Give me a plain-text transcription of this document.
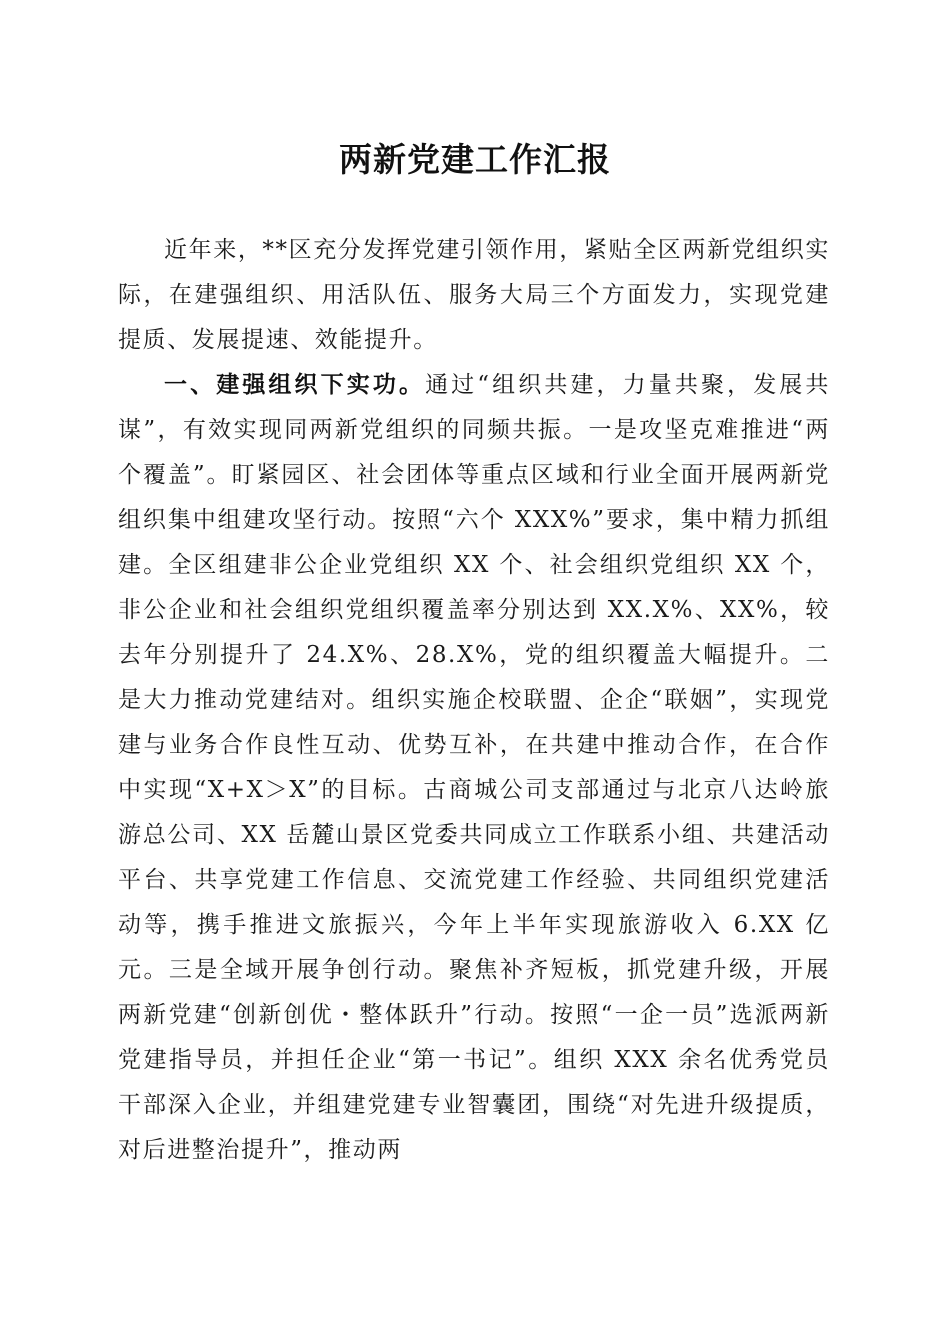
两新党建工作汇报

近年来，**区充分发挥党建引领作用，紧贴全区两新党组织实际，在建强组织、用活队伍、服务大局三个方面发力，实现党建提质、发展提速、效能提升。

一、建强组织下实功。通过“组织共建，力量共聚，发展共谋”，有效实现同两新党组织的同频共振。一是攻坚克难推进“两个覆盖”。盯紧园区、社会团体等重点区域和行业全面开展两新党组织集中组建攻坚行动。按照“六个 XXX%”要求，集中精力抓组建。全区组建非公企业党组织 XX 个、社会组织党组织 XX 个，非公企业和社会组织党组织覆盖率分别达到 XX.X%、XX%，较去年分别提升了 24.X%、28.X%，党的组织覆盖大幅提升。二是大力推动党建结对。组织实施企校联盟、企企“联姻”，实现党建与业务合作良性互动、优势互补，在共建中推动合作，在合作中实现“X+X＞X”的目标。古商城公司支部通过与北京八达岭旅游总公司、XX 岳麓山景区党委共同成立工作联系小组、共建活动平台、共享党建工作信息、交流党建工作经验、共同组织党建活动等，携手推进文旅振兴，今年上半年实现旅游收入 6.XX 亿元。三是全域开展争创行动。聚焦补齐短板，抓党建升级，开展两新党建“创新创优・整体跃升”行动。按照“一企一员”选派两新党建指导员，并担任企业“第一书记”。组织 XXX 余名优秀党员干部深入企业，并组建党建专业智囊团，围绕“对先进升级提质，对后进整治提升”，推动两
